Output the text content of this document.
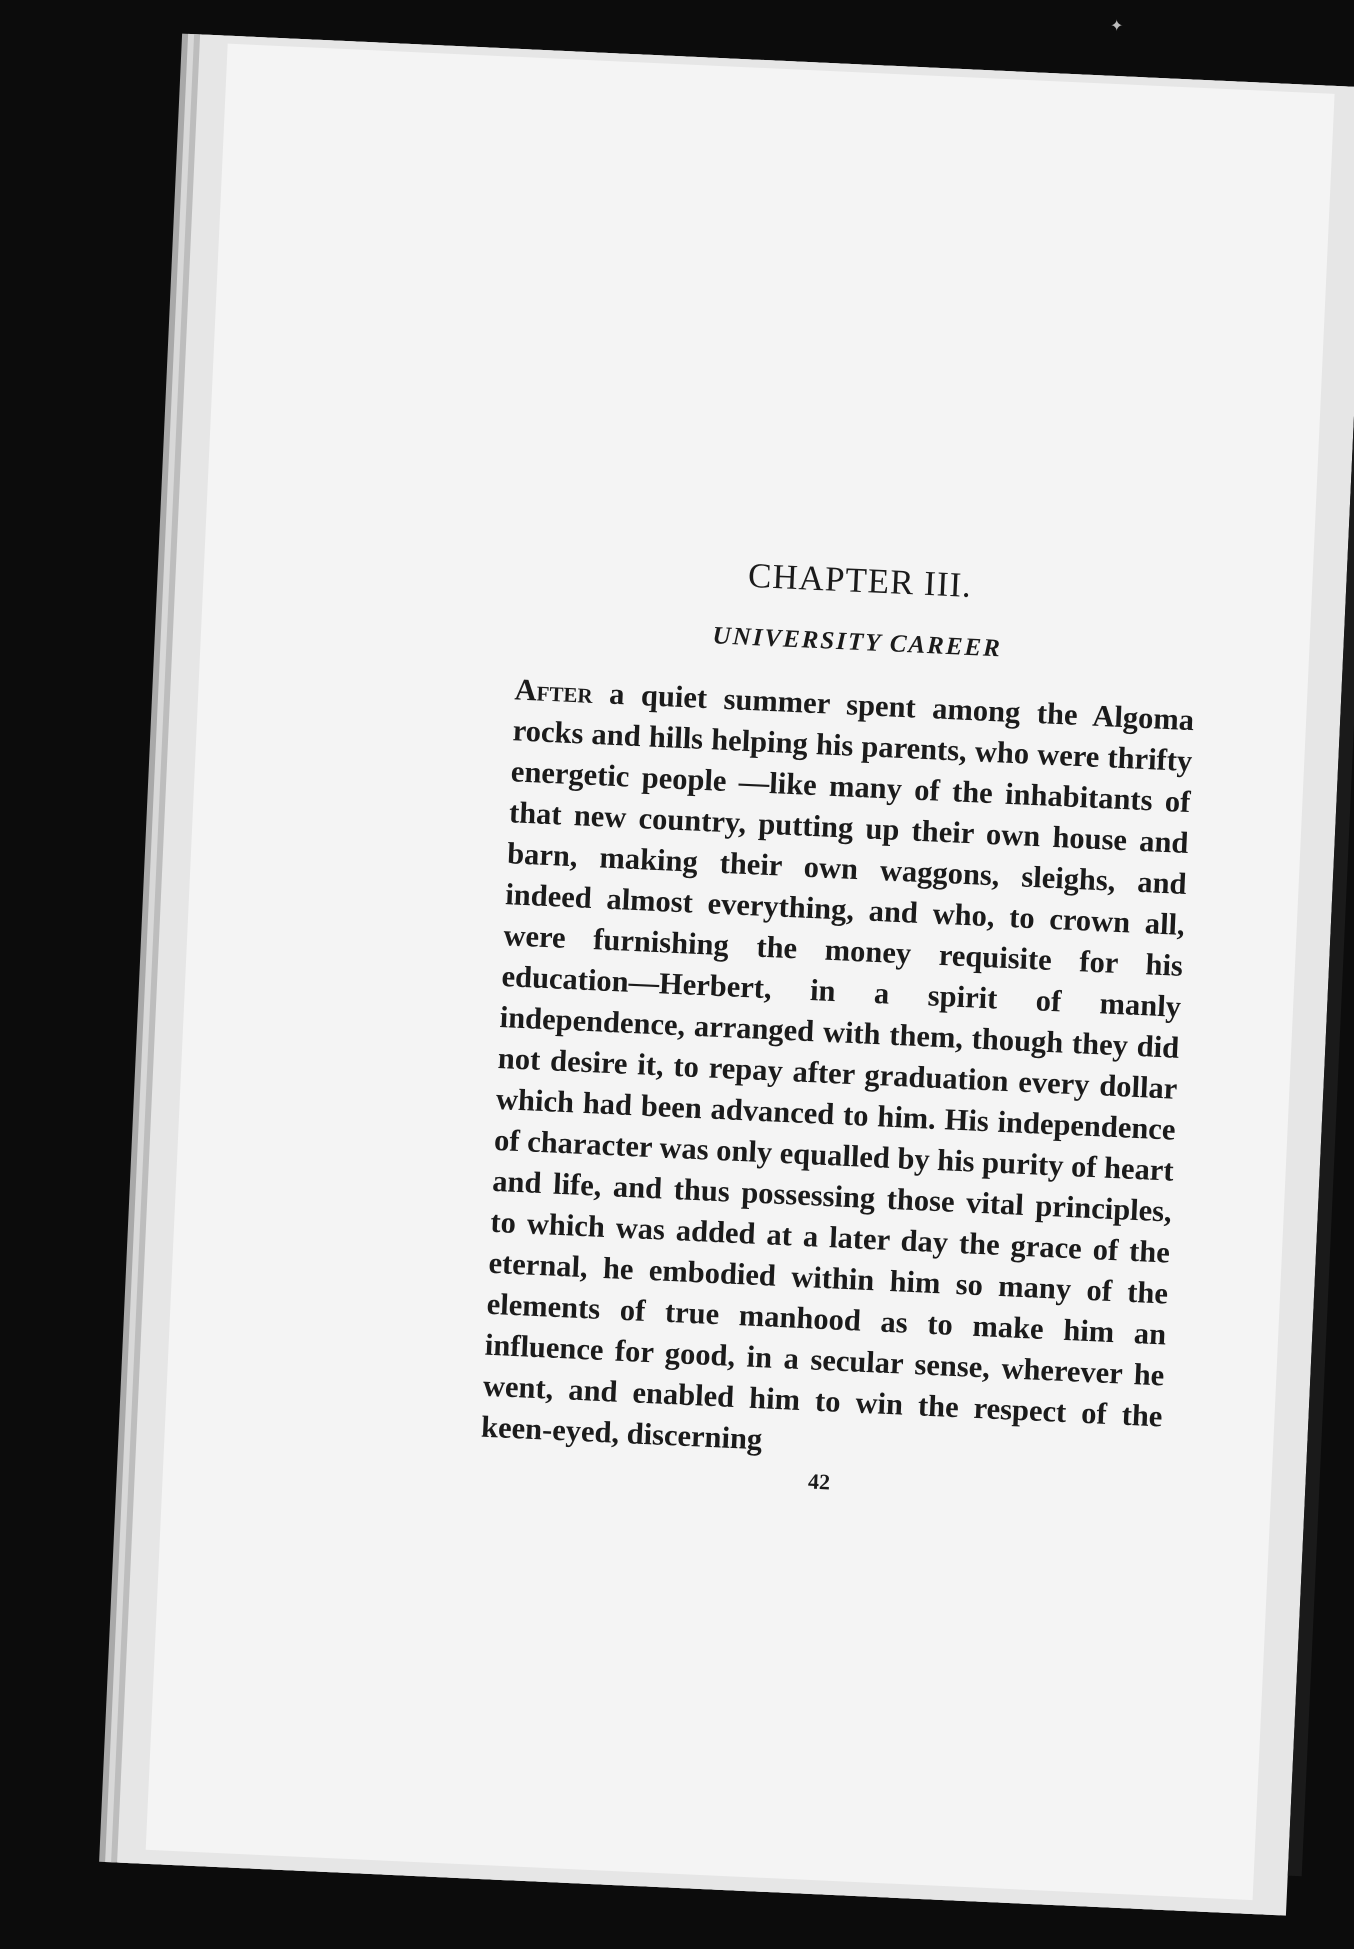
✦
CHAPTER III.
UNIVERSITY CAREER

After a quiet summer spent among the Algoma rocks and hills helping his parents, who were thrifty energetic people —like many of the inhabitants of that new country, putting up their own house and barn, making their own waggons, sleighs, and indeed almost everything, and who, to crown all, were furnishing the money requisite for his education—Herbert, in a spirit of manly independence, arranged with them, though they did not desire it, to repay after graduation every dollar which had been advanced to him. His independence of character was only equalled by his purity of heart and life, and thus possessing those vital principles, to which was added at a later day the grace of the eternal, he embodied within him so many of the elements of true manhood as to make him an influence for good, in a secular sense, wherever he went, and enabled him to win the respect of the keen-eyed, discerning

42
